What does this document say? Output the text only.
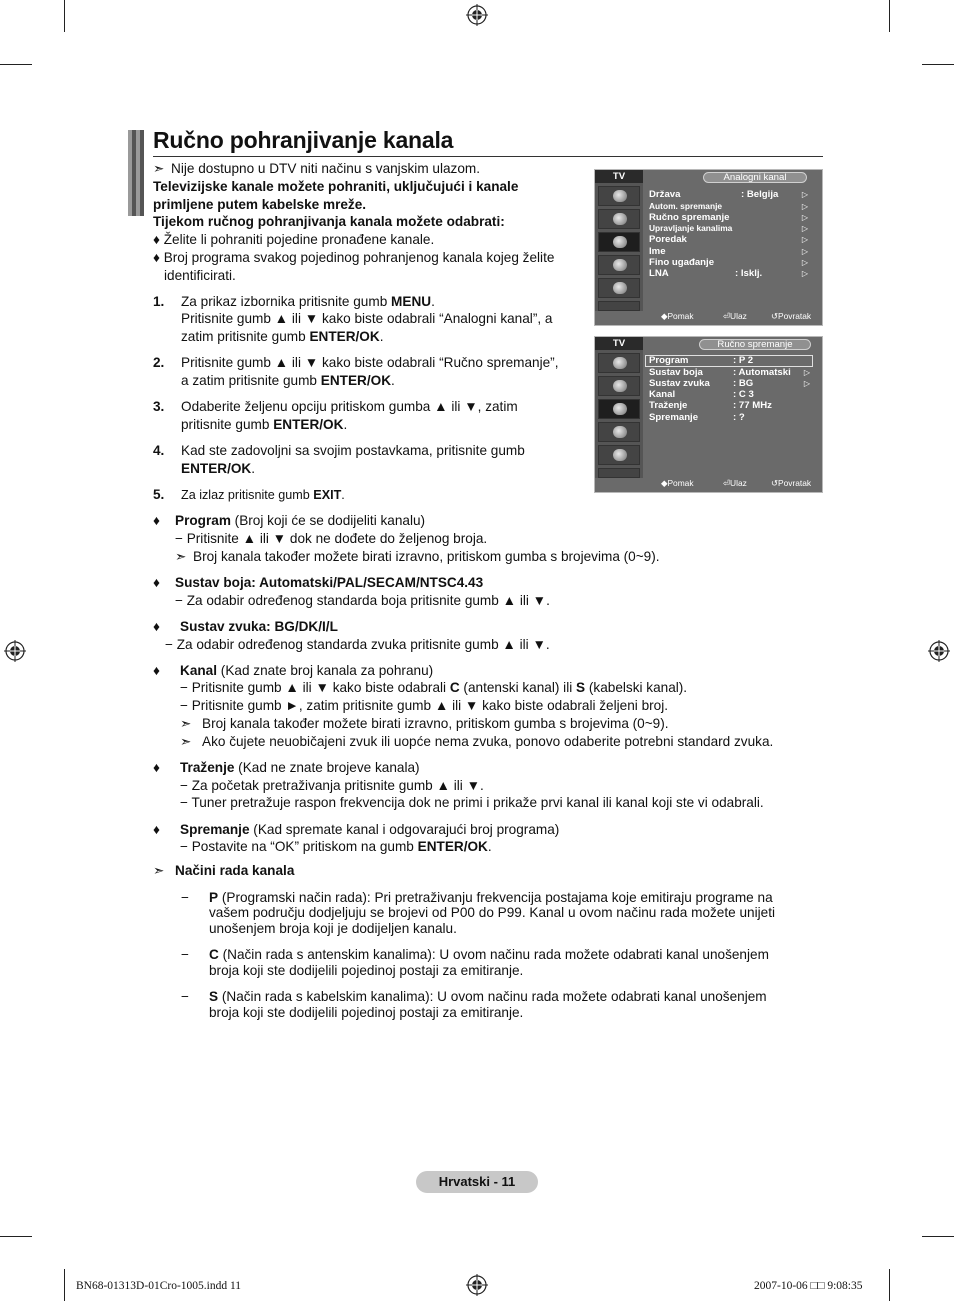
Ručno pohranjivanje kanala
➣ Nije dostupno u DTV niti načinu s vanjskim ulazom.
Televizijske kanale možete pohraniti, uključujući i kanale
primljene putem kabelske mreže.
Tijekom ručnog pohranjivanja kanala možete odabrati:
♦ Želite li pohraniti pojedine pronađene kanale.
♦ Broj programa svakog pojedinog pohranjenog kanala kojeg želite
identificirati.
1. Za prikaz izbornika pritisnite gumb MENU.
Pritisnite gumb ▲ ili ▼ kako biste odabrali “Analogni kanal”, a
zatim pritisnite gumb ENTER/OK.
2. Pritisnite gumb ▲ ili ▼ kako biste odabrali “Ručno spremanje”,
a zatim pritisnite gumb ENTER/OK.
3. Odaberite željenu opciju pritiskom gumba ▲ ili ▼, zatim
pritisnite gumb ENTER/OK.
4. Kad ste zadovoljni sa svojim postavkama, pritisnite gumb
ENTER/OK.
5. Za izlaz pritisnite gumb EXIT.
TV	Analogni kanal
Država	: Belgija	▷
Autom. spremanje	▷
Ručno spremanje	▷
Upravljanje kanalima	▷
Poredak	▷
Ime	▷
Fino ugađanje	▷
LNA	: Isklj.	▷
◆ Pomak	⏎ Ulaz	↺ Povratak
TV	Ručno spremanje
Program	: P 2
Sustav boja	: Automatski ▷
Sustav zvuka : BG	▷
Kanal	: C 3
Traženje	: 77 MHz
Spremanje	: ?
◆ Pomak	⏎ Ulaz	↺ Povratak
♦ Program (Broj koji će se dodijeliti kanalu)
− Pritisnite ▲ ili ▼ dok ne dođete do željenog broja.
➣ Broj kanala također možete birati izravno, pritiskom gumba s brojevima (0~9).
♦ Sustav boja: Automatski/PAL/SECAM/NTSC4.43
− Za odabir određenog standarda boja pritisnite gumb ▲ ili ▼.
♦ Sustav zvuka: BG/DK/I/L
− Za odabir određenog standarda zvuka pritisnite gumb ▲ ili ▼.
♦ Kanal (Kad znate broj kanala za pohranu)
− Pritisnite gumb ▲ ili ▼ kako biste odabrali C (antenski kanal) ili S (kabelski kanal).
− Pritisnite gumb ►, zatim pritisnite gumb ▲ ili ▼ kako biste odabrali željeni broj.
➣ Broj kanala također možete birati izravno, pritiskom gumba s brojevima (0~9).
➣ Ako čujete neuobičajeni zvuk ili uopće nema zvuka, ponovo odaberite potrebni standard zvuka.
♦ Traženje (Kad ne znate brojeve kanala)
− Za početak pretraživanja pritisnite gumb ▲ ili ▼.
− Tuner pretražuje raspon frekvencija dok ne primi i prikaže prvi kanal ili kanal koji ste vi odabrali.
♦ Spremanje (Kad spremate kanal i odgovarajući broj programa)
− Postavite na “OK” pritiskom na gumb ENTER/OK.
➣ Načini rada kanala
− P (Programski način rada): Pri pretraživanju frekvencija postajama koje emitiraju programe na
vašem području dodjeljuju se brojevi od P00 do P99. Kanal u ovom načinu rada možete unijeti
unošenjem broja koji je dodijeljen kanalu.
− C (Način rada s antenskim kanalima): U ovom načinu rada možete odabrati kanal unošenjem
broja koji ste dodijelili pojedinoj postaji za emitiranje.
− S (Način rada s kabelskim kanalima): U ovom načinu rada možete odabrati kanal unošenjem
broja koji ste dodijelili pojedinoj postaji za emitiranje.
Hrvatski - 11
BN68-01313D-01Cro-1005.indd 11	2007-10-06 □□ 9:08:35
